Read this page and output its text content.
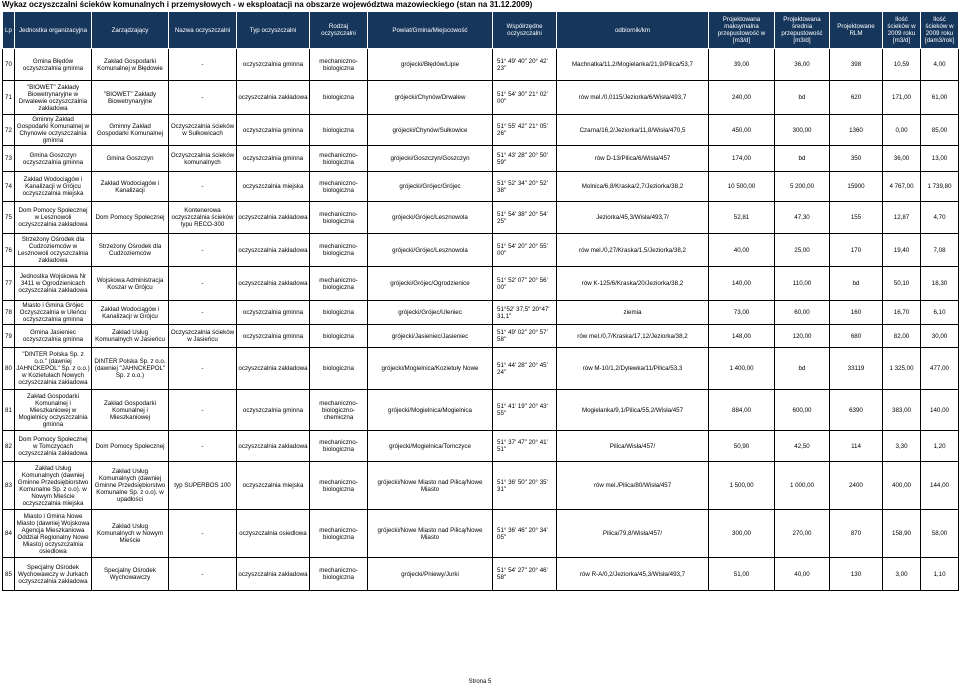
Wykaz oczyszczalni ścieków komunalnych i przemysłowych - w eksploatacji na obszarze województwa mazowieckiego (stan na 31.12.2009)
Lp	Jednostka organizacyjna	Zarządzający	Nazwa oczyszczalni	Typ oczyszczalni	Rodzaj oczyszczalni	Powiat/Gmina/Miejscowość	Współrzędne oczyszczalni	odbiornik/km	Projektowana maksymalna przepustowość w [m3/d]	Projektowana średnia przepustowość [m3/d]	Projektowane RLM	Ilość ścieków w 2009 roku [m3/d]	Ilość ścieków w 2009 roku [dam3/rok]
70	Gmina Błędów oczyszczalnia gminna	Zakład Gospodarki Komunalnej w Błędowie	-	oczyszczalnia gminna	mechaniczno-biologiczna	grójecki/Błędów/Lipie	51° 49' 40" 20° 42' 23"	Machnatka/11,2/Mogielanka/21,9/Pilica/53,7	39,00	36,00	398	10,59	4,00
71	"BIOWET" Zakłady Biowetrynaryjne w Drwalewie oczyszczalnia zakładowa	"BIOWET" Zakłady Biowetrynaryjne	-	oczyszczalnia zakładowa	biologiczna	grójecki/Chynów/Drwalew	51° 54' 30" 21° 02' 00"	rów mel./0,0115/Jeziorka/6/Wisła/493,7	240,00	bd	620	171,00	61,00
72	Gminny Zakład Gospodarki Komunalnej w Chynowie oczyszczalnia gminna	Gminny Zakład Gospodarki Komunalnej	Oczyszczalnia ścieków w Sułkowicach	oczyszczalnia gminna	biologiczna	grójecki/Chynów/Sułkowice	51° 55' 42" 21° 05' 26"	Czarna/16,2/Jeziorka/11,8/Wisła/470,5	450,00	300,00	1360	0,00	85,00
73	Gmina Goszczyn oczyszczalnia gminna	Gmina Goszczyn	Oczyszczalnia ścieków komunalnych	oczyszczalnia gminna	mechaniczno-biologiczna	grójecki/Goszczyn/Goszczyn	51° 43' 28" 20° 50' 59"	rów D-13/Pilica/6/Wisła/457	174,00	bd	350	36,00	13,00
74	Zakład Wodociągów i Kanalizacji w Grójcu oczyszczalnia miejska	Zakład Wodociągów i Kanalizacji	-	oczyszczalnia miejska	mechaniczno-biologiczna	grójecki/Grójec/Grójec	51° 52' 34" 20° 52' 38"	Molnica/6,8/Kraska/2,7/Jeziorka/38,2	10 500,00	5 200,00	15900	4 767,00	1 739,80
75	Dom Pomocy Społecznej w Lesznowoli oczyszczalnia zakładowa	Dom Pomocy Społecznej	Kontenerowa oczyszczalnia ścieków typu RECO-300	oczyszczalnia zakładowa	mechaniczno-biologiczna	grójecki/Grójec/Lesznowola	51° 54' 38" 20° 54' 25"	Jeziorka/45,3/Wisła/493,7/	52,81	47,30	155	12,87	4,70
76	Strzeżony Ośrodek dla Cudzoziemców w Lesznowoli oczyszczalnia zakładowa	Strzeżony Ośrodek dla Cudzoziemców	-	oczyszczalnia zakładowa	mechaniczno-biologiczna	grójecki/Grójec/Lesznowola	51° 54' 20" 20° 55' 00"	rów mel./0,27/Kraska/1,5/Jeziorka/38,2	40,00	25,00	170	19,40	7,08
77	Jednostka Wojskowa Nr 3411 w Ogrodzienicach oczyszczalnia zakładowa	Wojskowa Administracja Koszar w Grójcu	-	oczyszczalnia zakładowa	mechaniczno-biologiczna	grójecki/Grójec/Ogrodzienice	51° 52' 07" 20° 56' 00"	rów K-125/6/Kraska/20/Jeziorka/38,2	140,00	110,00	bd	50,10	18,30
78	Miasto i Gmina Grójec Oczyszczalnia w Uleńcu oczyszczalnia gminna	Zakład Wodociągów i Kanalizacji w Grójcu	-	oczyszczalnia gminna	biologiczna	grójecki/Grójec/Uleniec	51°52' 37,5" 20°47' 31,1"	ziemia	73,00	60,00	160	16,70	6,10
79	Gmina Jasieniec oczyszczalnia gminna	Zakład Usług Komunalnych w Jasieńcu	Oczyszczalnia ścieków w Jasieńcu	oczyszczalnia gminna	biologiczna	grójecki/Jasieniec/Jasieniec	51° 49' 02" 20° 57' 58"	rów mel./0,7/Kraska/17,12/Jeziorka/38,2	148,00	120,00	680	82,00	30,00
80	"DINTER Polska Sp. z o.o." (dawniej JAHNCKEPOL" Sp. z o.o.) w Kozietułach Nowych oczyszczalnia zakładowa	DINTER Polska Sp. z o.o. (dawniej "JAHNCKEPOL" Sp. z o.o.)	-	oczyszczalnia zakładowa	biologiczna	grójecki/Mogielnica/Kozietuły Nowe	51° 44' 28" 20° 45' 24"	rów M-10/1,2/Dylewka/11/Pilica/53,3	1 400,00	bd	33119	1 325,00	477,00
81	Zakład Gospodarki Komunalnej i Mieszkaniowej w Mogielnicy oczyszczalnia gminna	Zakład Gospodarki Komunalnej i Mieszkaniowej	-	oczyszczalnia gminna	mechaniczno-biologiczno-chemiczna	grójecki/Mogielnica/Mogielnica	51° 41' 19" 20° 43' 55"	Mogielanka/9,1/Pilica/55,2/Wisła/457	884,00	600,00	6390	383,00	140,00
82	Dom Pomocy Społecznej w Tomczycach oczyszczalnia zakładowa	Dom Pomocy Społecznej	-	oczyszczalnia zakładowa	mechaniczno-biologiczna	grójecki/Mogielnica/Tomczyce	51° 37' 47" 20° 41' 51"	Pilica/Wisła/457/	50,90	42,50	114	3,30	1,20
83	Zakład Usług Komunalnych (dawniej Gminne Przedsiębiorstwo Komunalne Sp. z o.o). w Nowym Mieście oczyszczalnia miejska	Zakład Usług Komunalnych (dawniej Gminne Przedsiębiorstwo Komunalne Sp. z o.o). w upadłości	typ SUPERBOS 100	oczyszczalnia miejska	mechaniczno-biologiczna	grójecki/Nowe Miasto nad Pilicą/Nowe Miasto	51° 36' 50" 20° 35' 31"	rów mel./Pilica/80/Wisła/457	1 500,00	1 000,00	2400	400,00	144,00
84	Miasto i Gmina Nowe Miasto (dawniej Wojskowa Agencja Mieszkaniowa Oddział Regionalny Nowe Miasto) oczyszczalnia osiedlowa	Zakład Usług Komunalnych w Nowym Mieście	-	oczyszczalnia osiedlowa	mechaniczno-biologiczna	grójecki/Nowe Miasto nad Pilicą/Nowe Miasto	51° 36' 46" 20° 34' 05"	Pilica/79,8/Wisła/457/	300,00	270,00	870	158,90	58,00
85	Specjalny Ośrodek Wychowawczy w Jurkach oczyszczalnia zakładowa	Specjalny Ośrodek Wychowawczy	-	oczyszczalnia zakładowa	mechaniczno-biologiczna	grójecki/Pniewy/Jurki	51° 54' 27" 20° 46' 58"	rów R-A/0,2/Jeziorka/45,3/Wisła/493,7	51,00	40,00	130	3,00	1,10
Strona 5
